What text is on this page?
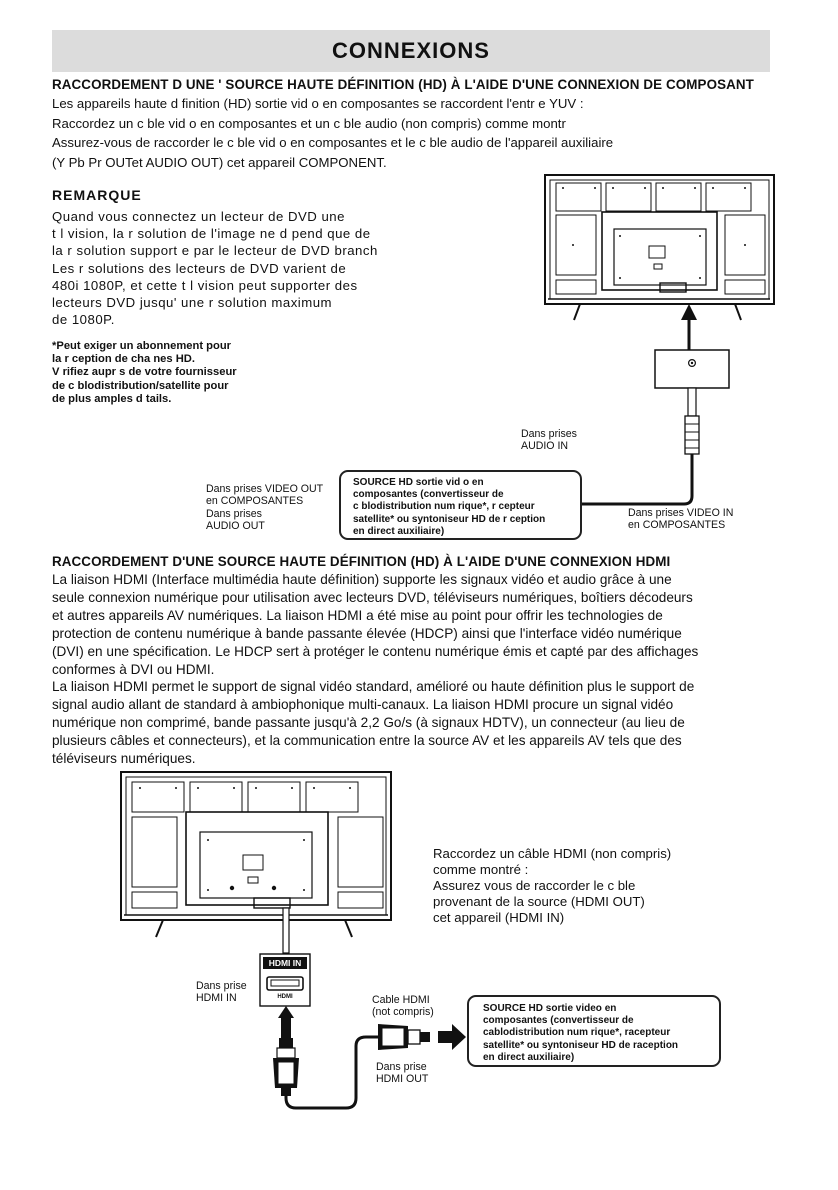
CONNEXIONS
RACCORDEMENT D UNE ' SOURCE HAUTE DÉFINITION (HD) À L'AIDE D'UNE CONNEXION DE COMPOSANT
Les appareils haute d finition (HD) sortie vid o en composantes se raccordent l'entr e YUV :
Raccordez un c ble vid o en composantes et un c ble audio (non compris) comme montr
Assurez-vous de raccorder le c ble vid o en composantes et le c ble audio de l'appareil auxiliaire
(Y Pb Pr OUTet AUDIO OUT) cet appareil COMPONENT.
REMARQUE
Quand vous connectez un lecteur de DVD une
t l vision, la r solution de l'image ne d pend que de
la r solution support e par le lecteur de DVD branch
Les r solutions des lecteurs de DVD varient de
480i 1080P, et cette t l vision peut supporter des
lecteurs DVD jusqu' une r solution maximum
de 1080P.
*Peut exiger un abonnement pour
la r ception de cha nes HD.
V rifiez aupr s de votre fournisseur
de c blodistribution/satellite pour
de plus amples d tails.
Dans prises
AUDIO IN
Dans prises VIDEO OUT
en COMPOSANTES
Dans prises
AUDIO OUT
SOURCE HD sortie vid o en
composantes (convertisseur de
c blodistribution num rique*, r cepteur
satellite* ou syntoniseur HD de r ception
en direct auxiliaire)
Dans prises VIDEO IN
en COMPOSANTES
RACCORDEMENT D'UNE SOURCE HAUTE DÉFINITION (HD) À L'AIDE D'UNE CONNEXION HDMI
La liaison HDMI (Interface multimédia haute définition) supporte les signaux vidéo et audio grâce à une
seule connexion numérique pour utilisation avec lecteurs DVD, téléviseurs numériques, boîtiers décodeurs
et autres appareils AV numériques. La liaison HDMI a été mise au point pour offrir les technologies de
protection de contenu numérique à bande passante élevée (HDCP) ainsi que l'interface vidéo numérique
(DVI) en une spécification. Le HDCP sert à protéger le contenu numérique émis et capté par des affichages
conformes à DVI ou HDMI.
La liaison HDMI permet le support de signal vidéo standard, amélioré ou haute définition plus le support de
signal audio allant de standard à ambiophonique multi-canaux. La liaison HDMI procure un signal vidéo
numérique non comprimé, bande passante jusqu'à 2,2 Go/s (à signaux HDTV), un connecteur (au lieu de
plusieurs câbles et connecteurs), et la communication entre la source AV et les appareils AV tels que des
téléviseurs numériques.
HDMI IN
HDMI
Raccordez un câble HDMI (non compris)
comme montré :
Assurez vous de raccorder le c ble
provenant de la source (HDMI OUT)
cet appareil (HDMI IN)
Dans prise
HDMI IN	Cable HDMI
(not compris)
Dans prise
HDMI OUT
SOURCE HD sortie video en
composantes (convertisseur de
cablodistribution num rique*, racepteur
satellite* ou syntoniseur HD de raception
en direct auxiliaire)
